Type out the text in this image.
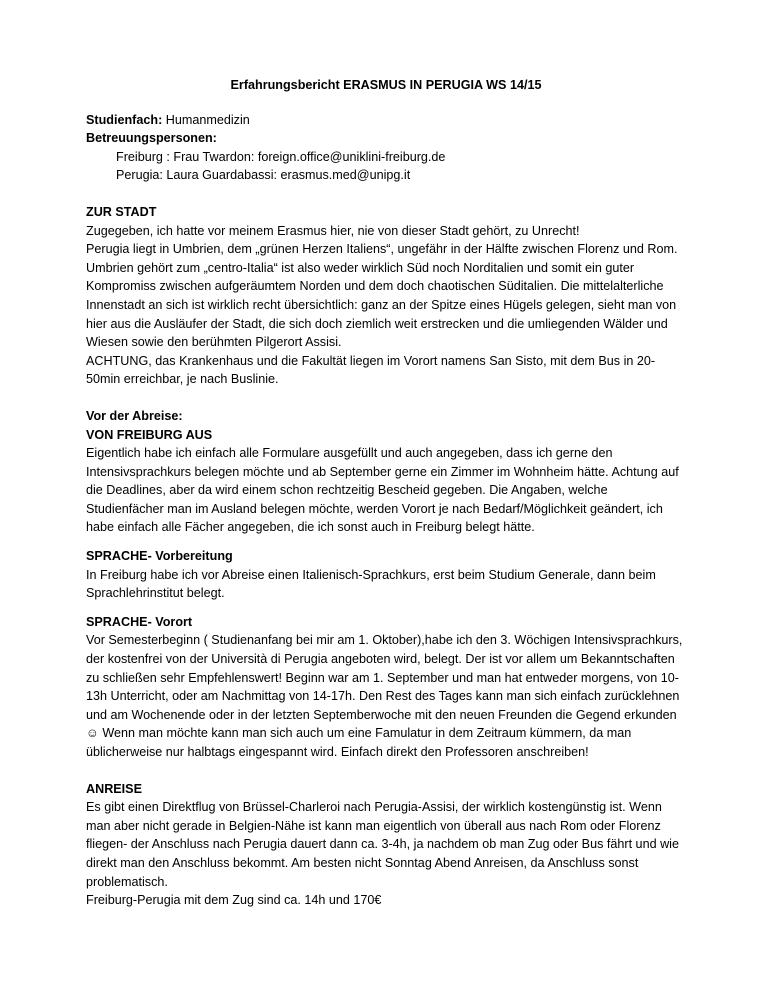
Erfahrungsbericht ERASMUS IN PERUGIA WS 14/15

Studienfach: Humanmedizin

Betreuungspersonen:

Freiburg : Frau Twardon: foreign.office@uniklini-freiburg.de

Perugia: Laura Guardabassi: erasmus.med@unipg.it

ZUR STADT

Zugegeben, ich hatte vor meinem Erasmus hier, nie von dieser Stadt gehört, zu Unrecht!

Perugia liegt in Umbrien, dem „grünen Herzen Italiens“, ungefähr in der Hälfte zwischen Florenz und Rom. Umbrien gehört zum „centro-Italia“ ist also weder wirklich Süd noch Norditalien und somit ein guter Kompromiss zwischen aufgeräumtem Norden und dem doch chaotischen Süditalien. Die mittelalterliche Innenstadt an sich ist wirklich recht übersichtlich: ganz an der Spitze eines Hügels gelegen, sieht man von hier aus die Ausläufer der Stadt, die sich doch ziemlich weit erstrecken und die umliegenden Wälder und Wiesen sowie den berühmten Pilgerort Assisi.

ACHTUNG, das Krankenhaus und die Fakultät liegen im Vorort namens San Sisto, mit dem Bus in 20-50min erreichbar, je nach Buslinie.

Vor der Abreise:

VON FREIBURG AUS

Eigentlich habe ich einfach alle Formulare ausgefüllt und auch angegeben, dass ich gerne den Intensivsprachkurs belegen möchte und ab September gerne ein Zimmer im Wohnheim hätte. Achtung auf die Deadlines, aber da wird einem schon rechtzeitig Bescheid gegeben. Die Angaben, welche Studienfächer man im Ausland belegen möchte, werden Vorort je nach Bedarf/Möglichkeit geändert, ich habe einfach alle Fächer angegeben, die ich sonst auch in Freiburg belegt hätte.

SPRACHE- Vorbereitung

In Freiburg habe ich vor Abreise einen Italienisch-Sprachkurs, erst beim Studium Generale, dann beim Sprachlehrinstitut belegt.

SPRACHE- Vorort

Vor Semesterbeginn ( Studienanfang bei mir am 1. Oktober),habe ich den 3. Wöchigen Intensivsprachkurs, der kostenfrei von der Università di Perugia angeboten wird, belegt. Der ist vor allem um Bekanntschaften zu schließen sehr Empfehlenswert! Beginn war am 1. September und man hat entweder morgens, von 10-13h Unterricht, oder am Nachmittag von 14-17h. Den Rest des Tages kann man sich einfach zurücklehnen und am Wochenende oder in der letzten Septemberwoche mit den neuen Freunden die Gegend erkunden ☺ Wenn man möchte kann man sich auch um eine Famulatur in dem Zeitraum kümmern, da man üblicherweise nur halbtags eingespannt wird. Einfach direkt den Professoren anschreiben!

ANREISE

Es gibt einen Direktflug von Brüssel-Charleroi nach Perugia-Assisi, der wirklich kostengünstig ist. Wenn man aber nicht gerade in Belgien-Nähe ist kann man eigentlich von überall aus nach Rom oder Florenz fliegen- der Anschluss nach Perugia dauert dann ca. 3-4h, ja nachdem ob man Zug oder Bus fährt und wie direkt man den Anschluss bekommt. Am besten nicht Sonntag Abend Anreisen, da Anschluss sonst problematisch.

Freiburg-Perugia mit dem Zug sind ca. 14h und 170€
